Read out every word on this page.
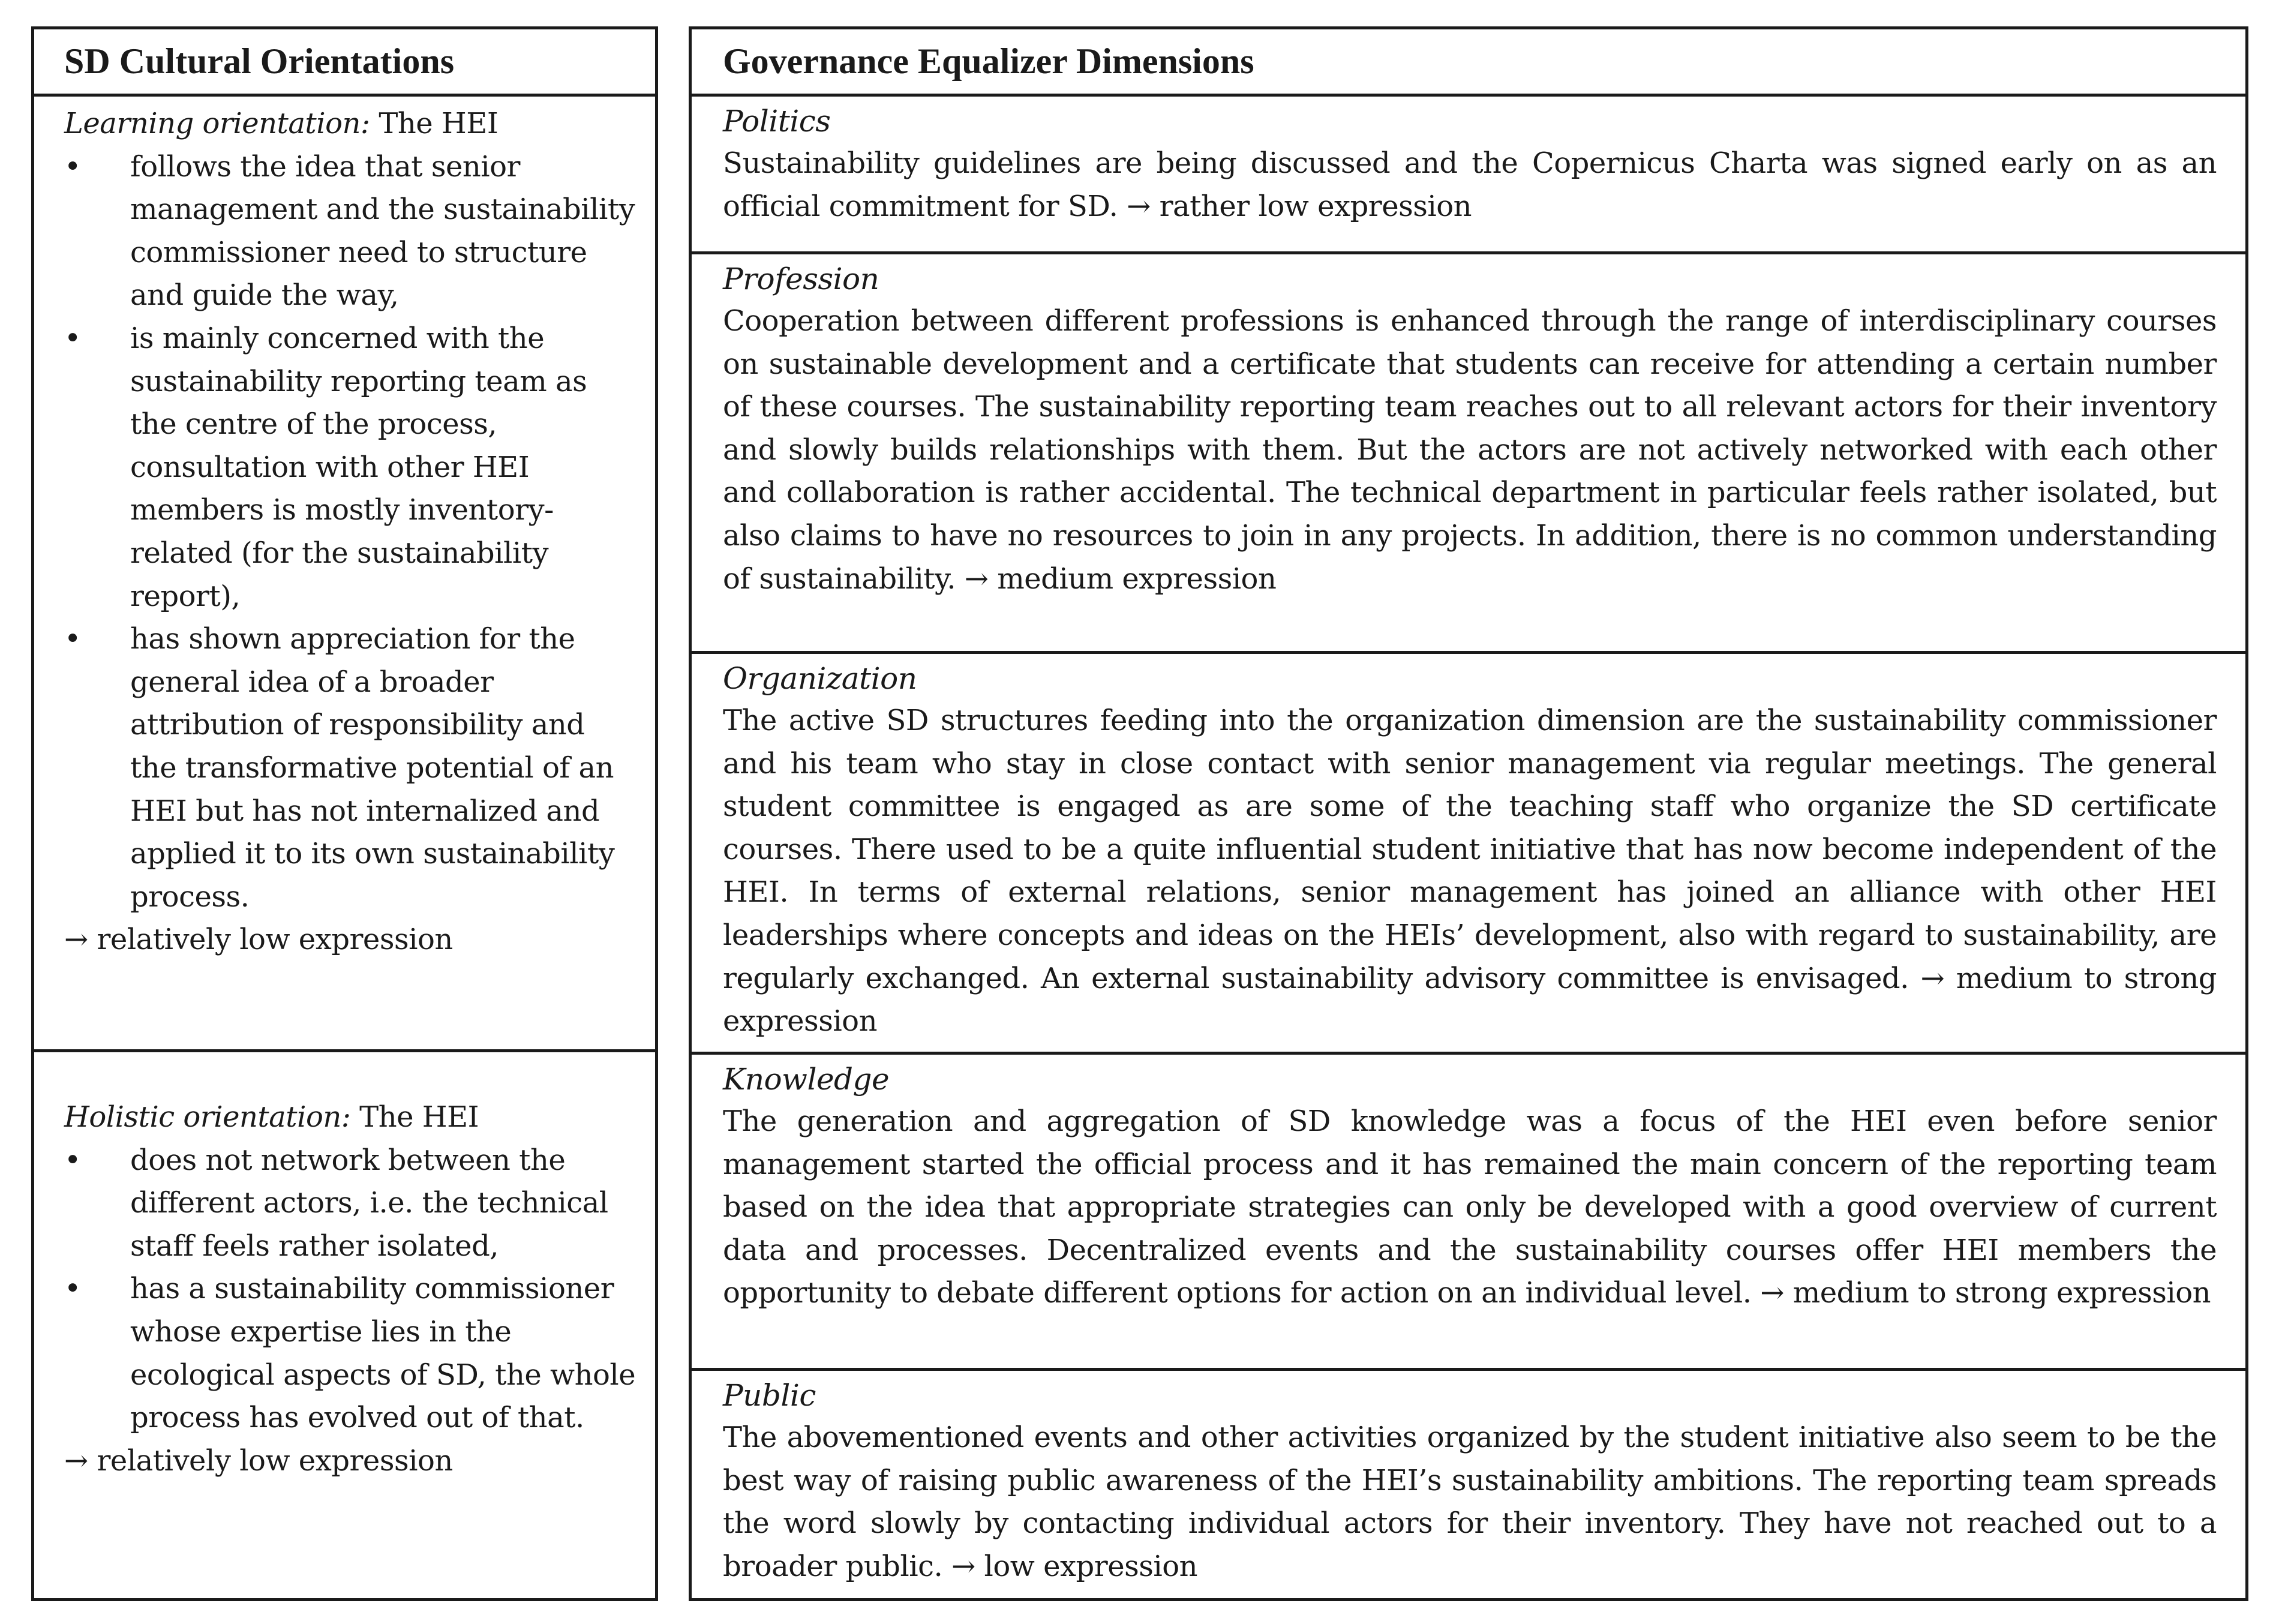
SD Cultural Orientations
Learning orientation: The HEI
• follows the idea that senior management and the sustainability commissioner need to structure and guide the way,
• is mainly concerned with the sustainability reporting team as the centre of the process, consultation with other HEI members is mostly inventory-related (for the sustainability report),
• has shown appreciation for the general idea of a broader attribution of responsibility and the transformative potential of an HEI but has not internalized and applied it to its own sustainability process.
→ relatively low expression
Holistic orientation: The HEI
• does not network between the different actors, i.e. the technical staff feels rather isolated,
• has a sustainability commissioner whose expertise lies in the ecological aspects of SD, the whole process has evolved out of that.
→ relatively low expression
Governance Equalizer Dimensions
Politics
Sustainability guidelines are being discussed and the Copernicus Charta was signed early on as an official commitment for SD. → rather low expression
Profession
Cooperation between different professions is enhanced through the range of interdisciplinary courses on sustainable development and a certificate that students can receive for attending a certain number of these courses. The sustainability reporting team reaches out to all relevant actors for their inventory and slowly builds relationships with them. But the actors are not actively networked with each other and collaboration is rather accidental. The technical department in particular feels rather isolated, but also claims to have no resources to join in any projects. In addition, there is no common understanding of sustainability. → medium expression
Organization
The active SD structures feeding into the organization dimension are the sustainability commissioner and his team who stay in close contact with senior management via regular meetings. The general student committee is engaged as are some of the teaching staff who organize the SD certificate courses. There used to be a quite influential student initiative that has now become independent of the HEI. In terms of external relations, senior management has joined an alliance with other HEI leaderships where concepts and ideas on the HEIs’ development, also with regard to sustainability, are regularly exchanged. An external sustainability advisory committee is envisaged. → medium to strong expression
Knowledge
The generation and aggregation of SD knowledge was a focus of the HEI even before senior management started the official process and it has remained the main concern of the reporting team based on the idea that appropriate strategies can only be developed with a good overview of current data and processes. Decentralized events and the sustainability courses offer HEI members the opportunity to debate different options for action on an individual level. → medium to strong expression
Public
The abovementioned events and other activities organized by the student initiative also seem to be the best way of raising public awareness of the HEI’s sustainability ambitions. The reporting team spreads the word slowly by contacting individual actors for their inventory. They have not reached out to a broader public. → low expression
